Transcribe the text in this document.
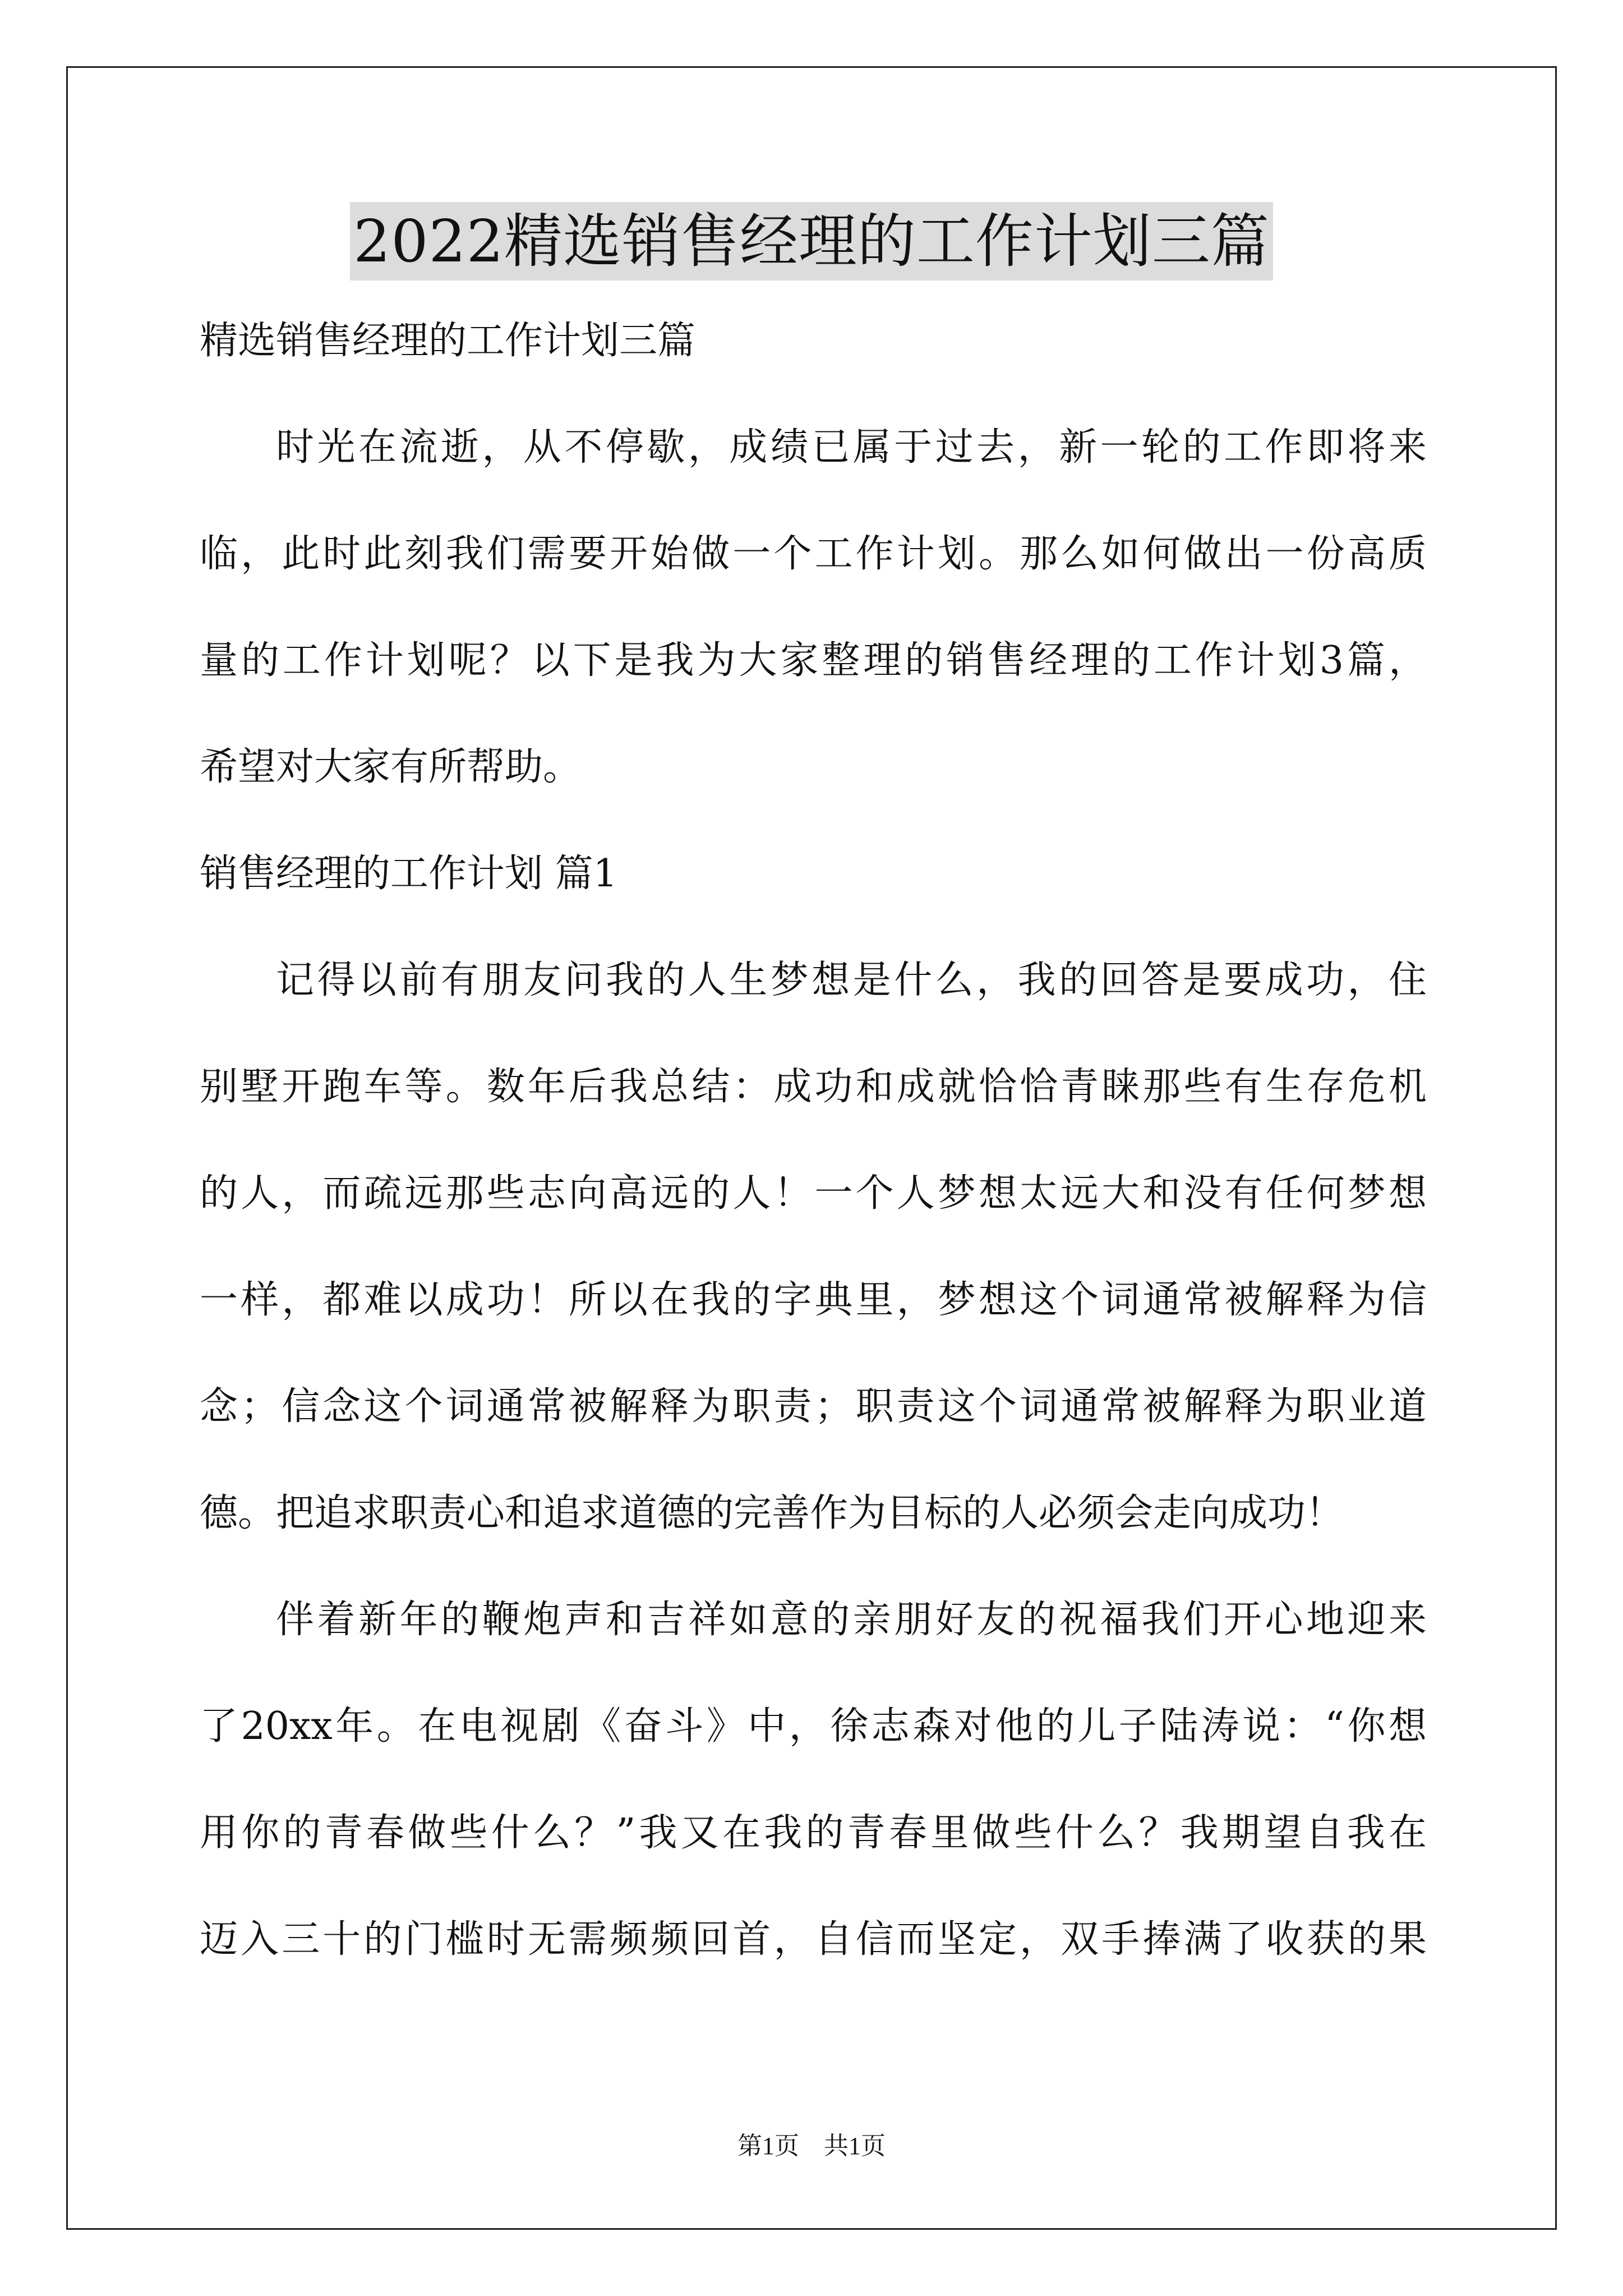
2022精选销售经理的工作计划三篇
精选销售经理的工作计划三篇
时光在流逝，从不停歇，成绩已属于过去，新一轮的工作即将来
临，此时此刻我们需要开始做一个工作计划。那么如何做出一份高质
量的工作计划呢？以下是我为大家整理的销售经理的工作计划3篇，
希望对大家有所帮助。
销售经理的工作计划 篇1
记得以前有朋友问我的人生梦想是什么，我的回答是要成功，住
别墅开跑车等。数年后我总结：成功和成就恰恰青睐那些有生存危机
的人，而疏远那些志向高远的人！一个人梦想太远大和没有任何梦想
一样，都难以成功！所以在我的字典里，梦想这个词通常被解释为信
念；信念这个词通常被解释为职责；职责这个词通常被解释为职业道
德。把追求职责心和追求道德的完善作为目标的人必须会走向成功！
伴着新年的鞭炮声和吉祥如意的亲朋好友的祝福我们开心地迎来
了20xx年。在电视剧《奋斗》中，徐志森对他的儿子陆涛说：“你想
用你的青春做些什么？”我又在我的青春里做些什么？我期望自我在
迈入三十的门槛时无需频频回首，自信而坚定，双手捧满了收获的果
第1页 共1页
